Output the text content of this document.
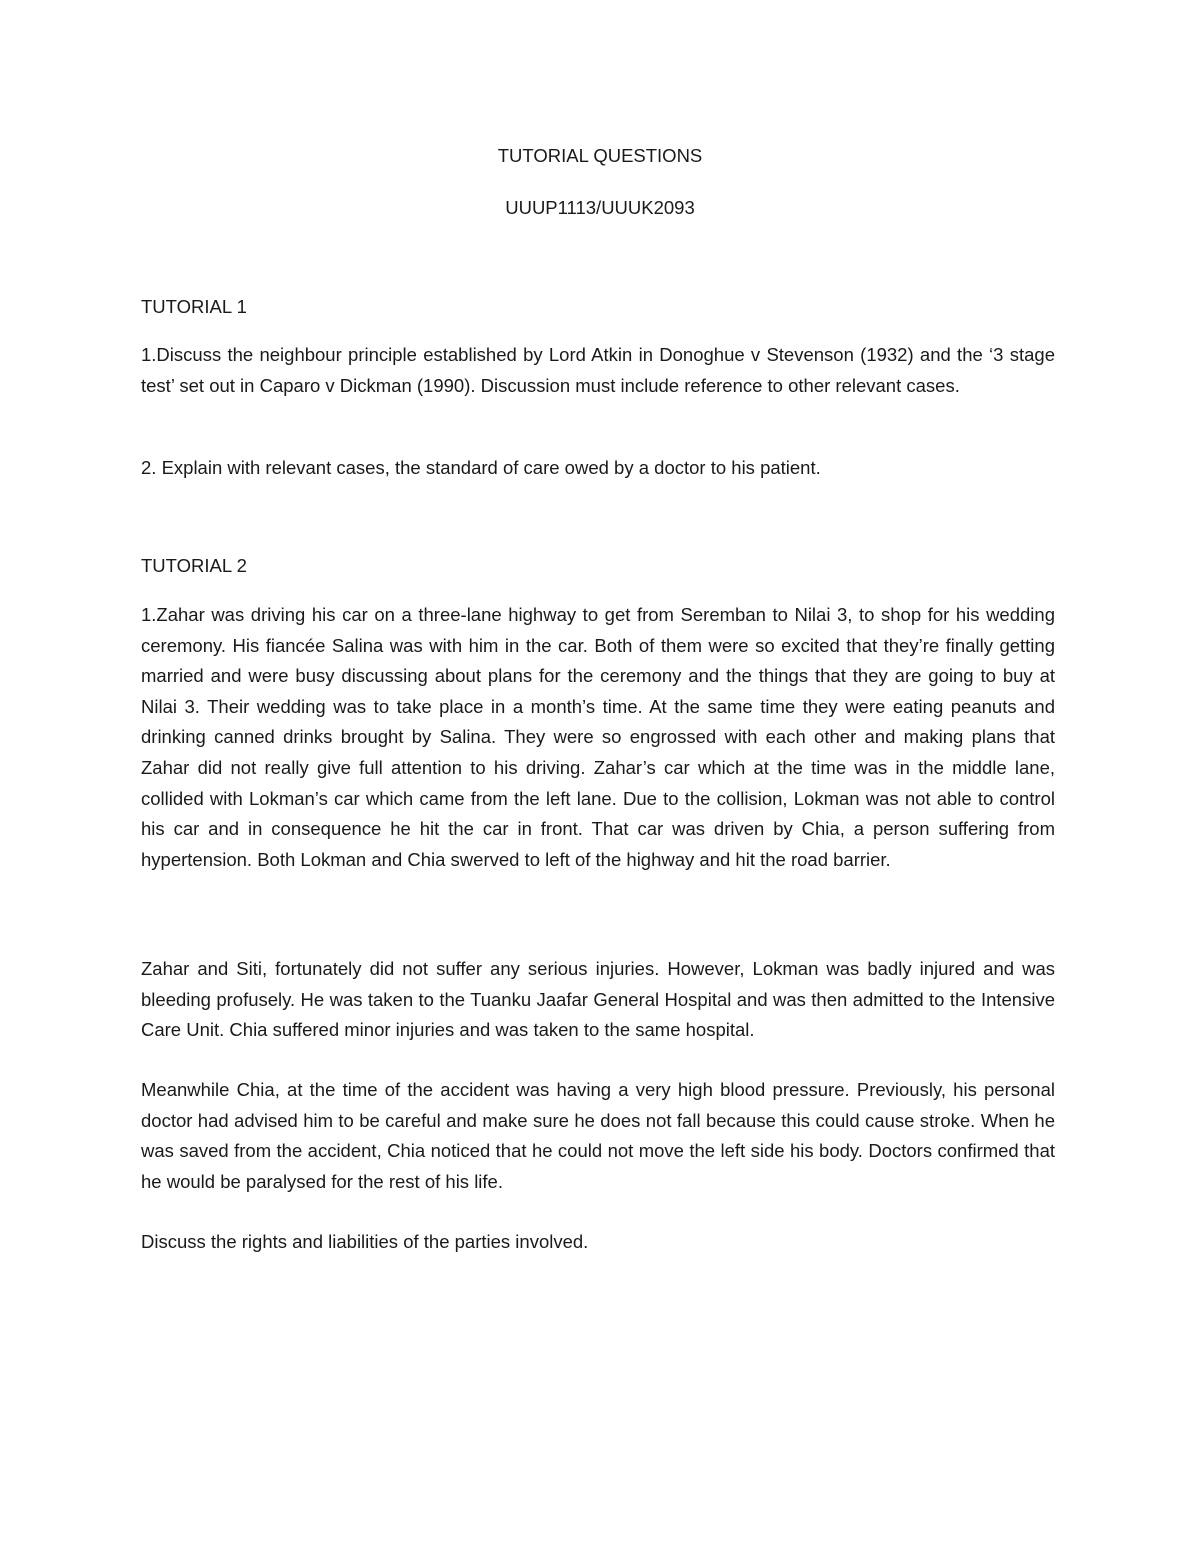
TUTORIAL QUESTIONS

UUUP1113/UUUK2093

TUTORIAL 1

1.Discuss the neighbour principle established by Lord Atkin in Donoghue v Stevenson (1932) and the ‘3 stage test’ set out in Caparo v Dickman (1990). Discussion must include reference to other relevant cases.

2. Explain with relevant cases, the standard of care owed by a doctor to his patient.

TUTORIAL 2

1.Zahar was driving his car on a three-lane highway to get from Seremban to Nilai 3, to shop for his wedding ceremony. His fiancée Salina was with him in the car. Both of them were so excited that they’re finally getting married and were busy discussing about plans for the ceremony and the things that they are going to buy at Nilai 3. Their wedding was to take place in a month’s time. At the same time they were eating peanuts and drinking canned drinks brought by Salina. They were so engrossed with each other and making plans that Zahar did not really give full attention to his driving. Zahar’s car which at the time was in the middle lane, collided with Lokman’s car which came from the left lane. Due to the collision, Lokman was not able to control his car and in consequence he hit the car in front. That car was driven by Chia, a person suffering from hypertension. Both Lokman and Chia swerved to left of the highway and hit the road barrier.

Zahar and Siti, fortunately did not suffer any serious injuries. However, Lokman was badly injured and was bleeding profusely. He was taken to the Tuanku Jaafar General Hospital and was then admitted to the Intensive Care Unit. Chia suffered minor injuries and was taken to the same hospital.

Meanwhile Chia, at the time of the accident was having a very high blood pressure. Previously, his personal doctor had advised him to be careful and make sure he does not fall because this could cause stroke. When he was saved from the accident, Chia noticed that he could not move the left side his body. Doctors confirmed that he would be paralysed for the rest of his life.

Discuss the rights and liabilities of the parties involved.
